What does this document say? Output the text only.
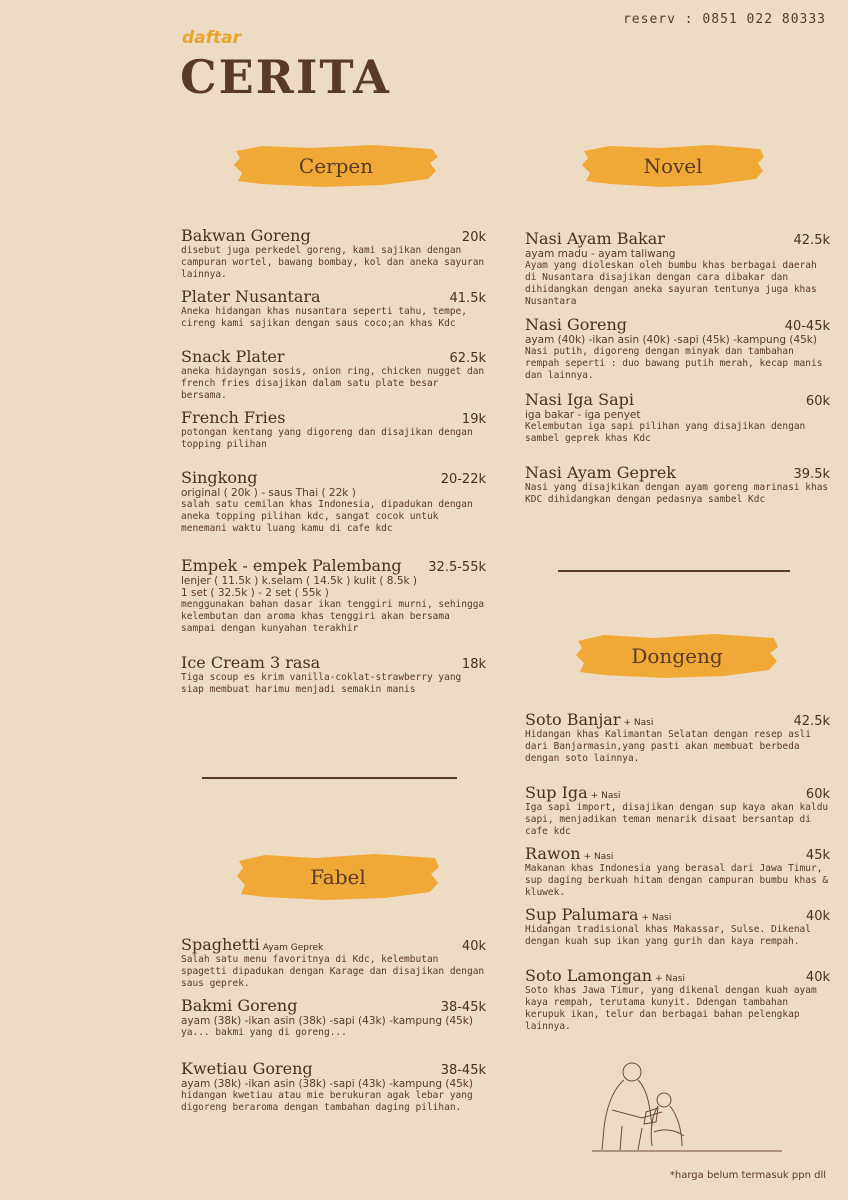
reserv : 0851 022 80333
daftar
CERITA
Cerpen	Novel
Dongeng
Fabel
Bakwan Goreng	20k
disebut juga perkedel goreng, kami sajikan dengan campuran wortel, bawang bombay, kol dan aneka sayuran lainnya.
Plater Nusantara	41.5k
Aneka hidangan khas nusantara seperti tahu, tempe, cireng kami sajikan dengan saus coco;an khas Kdc
Snack Plater	62.5k
aneka hidayngan sosis, onion ring, chicken nugget dan french fries disajikan dalam satu plate besar bersama.
French Fries	19k
potongan kentang yang digoreng dan disajikan dengan topping pilihan
Singkong	20-22k
original ( 20k ) - saus Thai ( 22k )
salah satu cemilan khas Indonesia, dipadukan dengan aneka topping pilihan kdc, sangat cocok untuk menemani waktu luang kamu di cafe kdc
Empek - empek Palembang 32.5-55k
lenjer ( 11.5k ) k.selam ( 14.5k ) kulit ( 8.5k )
1 set ( 32.5k ) - 2 set ( 55k )
menggunakan bahan dasar ikan tenggiri murni, sehingga kelembutan dan aroma khas tenggiri akan bersama sampai dengan kunyahan terakhir
Ice Cream 3 rasa	18k
Tiga scoup es krim vanilla-coklat-strawberry yang siap membuat harimu menjadi semakin manis
Spaghetti Ayam Geprek	40k
Salah satu menu favoritnya di Kdc, kelembutan spagetti dipadukan dengan Karage dan disajikan dengan saus geprek.
Bakmi Goreng	38-45k
ayam (38k) -ikan asin (38k) -sapi (43k) -kampung (45k)
ya... bakmi yang di goreng...
Kwetiau Goreng	38-45k
ayam (38k) -ikan asin (38k) -sapi (43k) -kampung (45k)
hidangan kwetiau atau mie berukuran agak lebar yang digoreng beraroma dengan tambahan daging pilihan.
Nasi Ayam Bakar	42.5k
ayam madu - ayam taliwang
Ayam yang dioleskan oleh bumbu khas berbagai daerah di Nusantara disajikan dengan cara dibakar dan dihidangkan dengan aneka sayuran tentunya juga khas Nusantara
Nasi Goreng	40-45k
ayam (40k) -ikan asin (40k) -sapi (45k) -kampung (45k)
Nasi putih, digoreng dengan minyak dan tambahan rempah seperti : duo bawang putih merah, kecap manis dan lainnya.
Nasi Iga Sapi	60k
iga bakar - iga penyet
Kelembutan iga sapi pilihan yang disajikan dengan sambel geprek khas Kdc
Nasi Ayam Geprek	39.5k
Nasi yang disajkikan dengan ayam goreng marinasi khas KDC dihidangkan dengan pedasnya sambel Kdc
Soto Banjar + Nasi	42.5k
Hidangan khas Kalimantan Selatan dengan resep asli dari Banjarmasin,yang pasti akan membuat berbeda dengan soto lainnya.
Sup Iga + Nasi	60k
Iga sapi import, disajikan dengan sup kaya akan kaldu sapi, menjadikan teman menarik disaat bersantap di cafe kdc
Rawon + Nasi	45k
Makanan khas Indonesia yang berasal dari Jawa Timur, sup daging berkuah hitam dengan campuran bumbu khas & kluwek.
Sup Palumara + Nasi	40k
Hidangan tradisional khas Makassar, Sulse. Dikenal dengan kuah sup ikan yang gurih dan kaya rempah.
Soto Lamongan + Nasi	40k
Soto khas Jawa Timur, yang dikenal dengan kuah ayam kaya rempah, terutama kunyit. Ddengan tambahan kerupuk ikan, telur dan berbagai bahan pelengkap lainnya.
*harga belum termasuk ppn dll
